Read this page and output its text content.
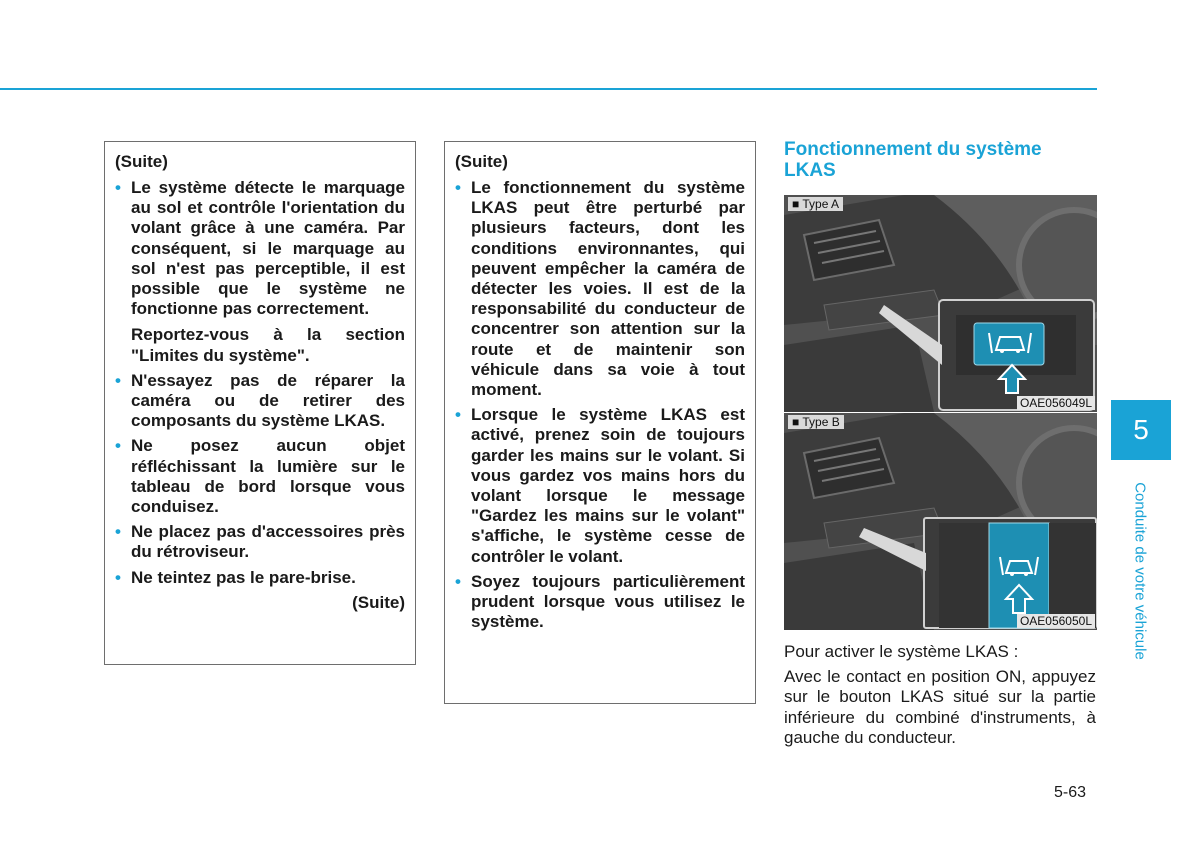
(Suite)
• Le système détecte le marquage au sol et contrôle l'orientation du volant grâce à une caméra. Par conséquent, si le marquage au sol n'est pas perceptible, il est possible que le système ne fonctionne pas correctement.

Reportez-vous à la section "Limites du système".

• N'essayez pas de réparer la caméra ou de retirer des composants du système LKAS.
• Ne posez aucun objet réfléchissant la lumière sur le tableau de bord lorsque vous conduisez.
• Ne placez pas d'accessoires près du rétroviseur.
• Ne teintez pas le pare-brise.
(Suite)
(Suite)
• Le fonctionnement du système LKAS peut être perturbé par plusieurs facteurs, dont les conditions environnantes, qui peuvent empêcher la caméra de détecter les voies. Il est de la responsabilité du conducteur de concentrer son attention sur la route et de maintenir son véhicule dans sa voie à tout moment.
• Lorsque le système LKAS est activé, prenez soin de toujours garder les mains sur le volant. Si vous gardez vos mains hors du volant lorsque le message "Gardez les mains sur le volant" s'affiche, le système cesse de contrôler le volant.
• Soyez toujours particulièrement prudent lorsque vous utilisez le système.
Fonctionnement du système LKAS
■ Type A
OAE056049L
■ Type B
OAE056050L

Pour activer le système LKAS :

Avec le contact en position ON, appuyez sur le bouton LKAS situé sur la partie inférieure du combiné d'instruments, à gauche du conducteur.

5-63
5
Conduite de votre véhicule
